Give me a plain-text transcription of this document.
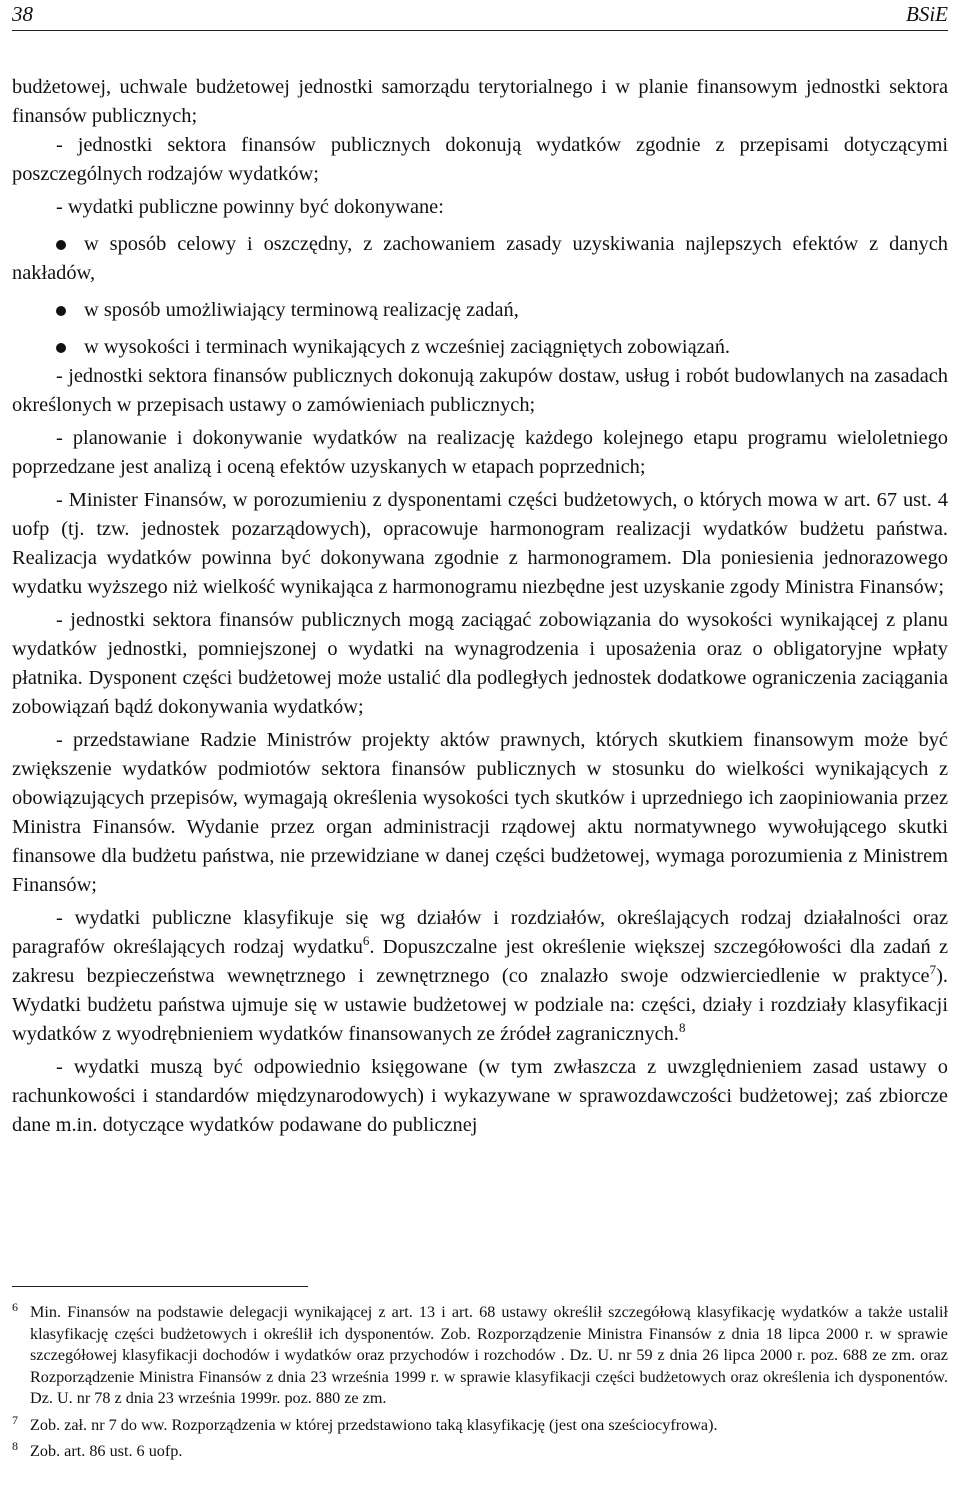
38	BSiE

budżetowej, uchwale budżetowej jednostki samorządu terytorialnego i w planie finansowym jednostki sektora finansów publicznych;

- jednostki sektora finansów publicznych dokonują wydatków zgodnie z przepisami dotyczącymi poszczególnych rodzajów wydatków;

- wydatki publiczne powinny być dokonywane:

w sposób celowy i oszczędny, z zachowaniem zasady uzyskiwania najlepszych efektów z danych nakładów,

w sposób umożliwiający terminową realizację zadań,

w wysokości i terminach wynikających z wcześniej zaciągniętych zobowiązań.

- jednostki sektora finansów publicznych dokonują zakupów dostaw, usług i robót budowlanych na zasadach określonych w przepisach ustawy o zamówieniach publicznych;

- planowanie i dokonywanie wydatków na realizację każdego kolejnego etapu programu wieloletniego poprzedzane jest analizą i oceną efektów uzyskanych w etapach poprzednich;

- Minister Finansów, w porozumieniu z dysponentami części budżetowych, o których mowa w art. 67 ust. 4 uofp (tj. tzw. jednostek pozarządowych), opracowuje harmonogram realizacji wydatków budżetu państwa. Realizacja wydatków powinna być dokonywana zgodnie z harmonogramem. Dla poniesienia jednorazowego wydatku wyższego niż wielkość wynikająca z harmonogramu niezbędne jest uzyskanie zgody Ministra Finansów;

- jednostki sektora finansów publicznych mogą zaciągać zobowiązania do wysokości wynikającej z planu wydatków jednostki, pomniejszonej o wydatki na wynagrodzenia i uposażenia oraz o obligatoryjne wpłaty płatnika. Dysponent części budżetowej może ustalić dla podległych jednostek dodatkowe ograniczenia zaciągania zobowiązań bądź dokonywania wydatków;

- przedstawiane Radzie Ministrów projekty aktów prawnych, których skutkiem finansowym może być zwiększenie wydatków podmiotów sektora finansów publicznych w stosunku do wielkości wynikających z obowiązujących przepisów, wymagają określenia wysokości tych skutków i uprzedniego ich zaopiniowania przez Ministra Finansów. Wydanie przez organ administracji rządowej aktu normatywnego wywołującego skutki finansowe dla budżetu państwa, nie przewidziane w danej części budżetowej, wymaga porozumienia z Ministrem Finansów;

- wydatki publiczne klasyfikuje się wg działów i rozdziałów, określających rodzaj działalności oraz paragrafów określających rodzaj wydatku$^6$. Dopuszczalne jest określenie większej szczegółowości dla zadań z zakresu bezpieczeństwa wewnętrznego i zewnętrznego (co znalazło swoje odzwierciedlenie w praktyce$^7$). Wydatki budżetu państwa ujmuje się w ustawie budżetowej w podziale na: części, działy i rozdziały klasyfikacji wydatków z wyodrębnieniem wydatków finansowanych ze źródeł zagranicznych.$^8$

- wydatki muszą być odpowiednio księgowane (w tym zwłaszcza z uwzględnieniem zasad ustawy o rachunkowości i standardów międzynarodowych) i wykazywane w sprawozdawczości budżetowej; zaś zbiorcze dane m.in. dotyczące wydatków podawane do publicznej

6 Min. Finansów na podstawie delegacji wynikającej z art. 13 i art. 68 ustawy określił szczegółową klasyfikację wydatków a także ustalił klasyfikację części budżetowych i określił ich dysponentów. Zob. Rozporządzenie Ministra Finansów z dnia 18 lipca 2000 r. w sprawie szczegółowej klasyfikacji dochodów i wydatków oraz przychodów i rozchodów . Dz. U. nr 59 z dnia 26 lipca 2000 r. poz. 688 ze zm. oraz Rozporządzenie Ministra Finansów z dnia 23 września 1999 r. w sprawie klasyfikacji części budżetowych oraz określenia ich dysponentów. Dz. U. nr 78 z dnia 23 września 1999r. poz. 880 ze zm.

7 Zob. zał. nr 7 do ww. Rozporządzenia w której przedstawiono taką klasyfikację (jest ona sześciocyfrowa).

8 Zob. art. 86 ust. 6 uofp.
